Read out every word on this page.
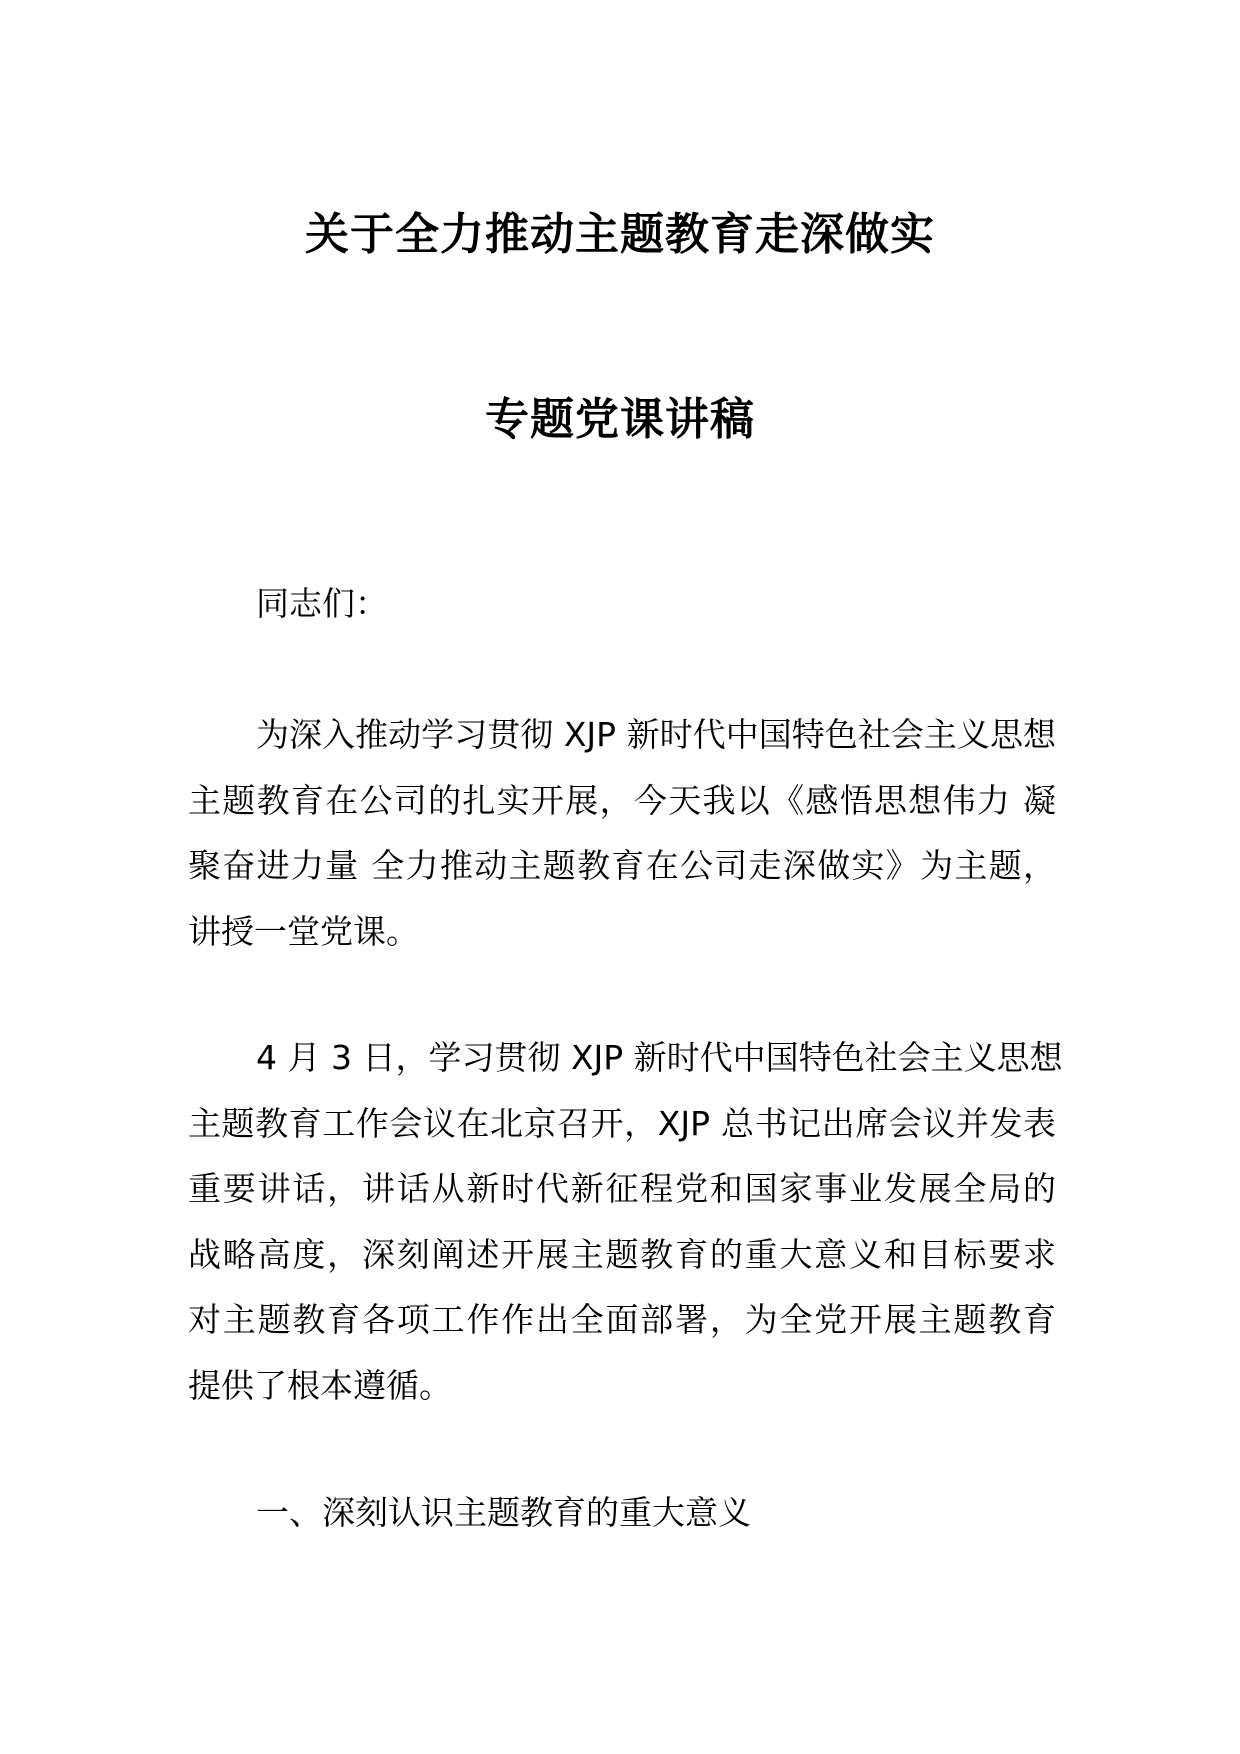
关于全力推动主题教育走深做实
专题党课讲稿
同志们：
为深入推动学习贯彻 XJP 新时代中国特色社会主义思想
主题教育在公司的扎实开展，今天我以《感悟思想伟力 凝
聚奋进力量 全力推动主题教育在公司走深做实》为主题，
讲授一堂党课。
4 月 3 日，学习贯彻 XJP 新时代中国特色社会主义思想
主题教育工作会议在北京召开，XJP 总书记出席会议并发表
重要讲话，讲话从新时代新征程党和国家事业发展全局的
战略高度，深刻阐述开展主题教育的重大意义和目标要求
对主题教育各项工作作出全面部署，为全党开展主题教育
提供了根本遵循。
一、深刻认识主题教育的重大意义
